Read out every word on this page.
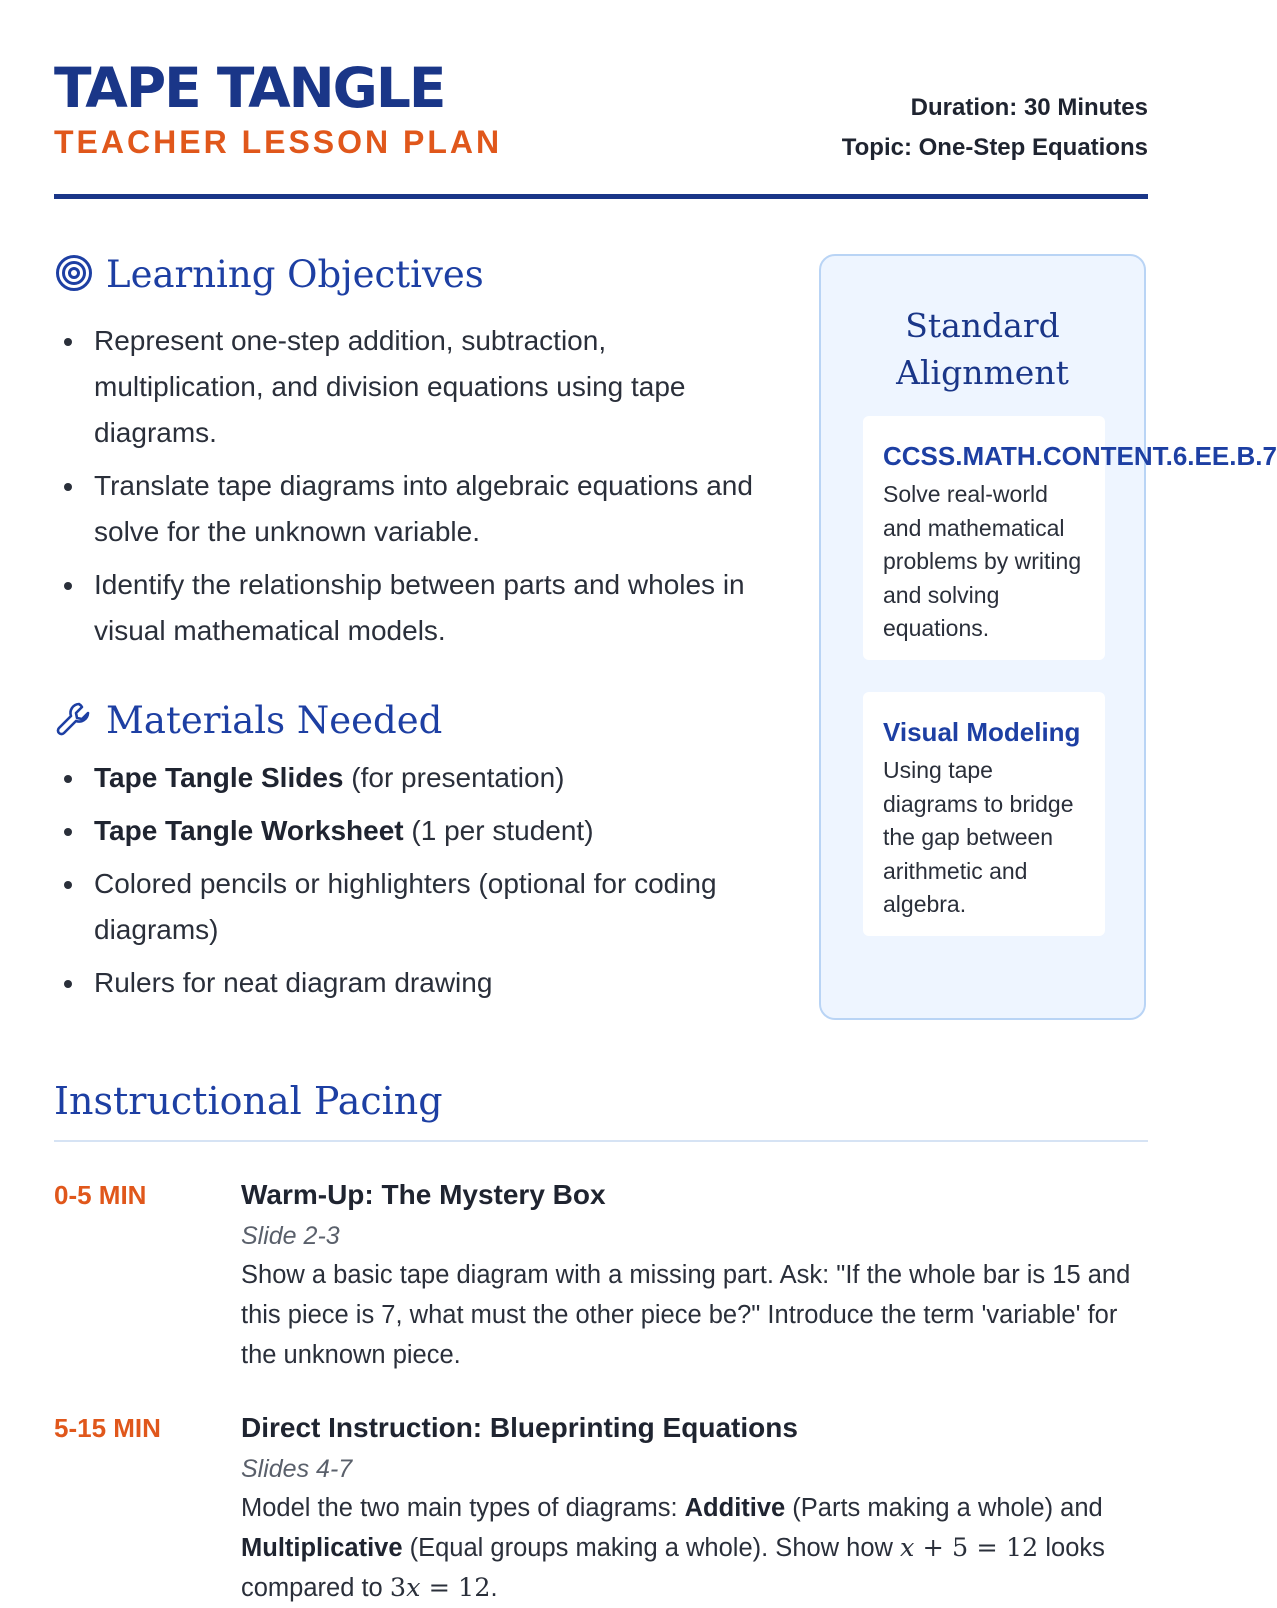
TAPE TANGLE
TEACHER LESSON PLAN
Duration: 30 Minutes
Topic: One-Step Equations
Learning Objectives
Represent one-step addition, subtraction, multiplication, and division equations using tape diagrams.
Translate tape diagrams into algebraic equations and solve for the unknown variable.
Identify the relationship between parts and wholes in visual mathematical models.
Materials Needed
Tape Tangle Slides (for presentation)
Tape Tangle Worksheet (1 per student)
Colored pencils or highlighters (optional for coding diagrams)
Rulers for neat diagram drawing
Standard Alignment
CCSS.MATH.CONTENT.6.EE.B.7
Solve real-world and mathematical problems by writing and solving equations.
Visual Modeling
Using tape diagrams to bridge the gap between arithmetic and algebra.
Instructional Pacing
0-5 MIN	Warm-Up: The Mystery Box
Slide 2-3
Show a basic tape diagram with a missing part. Ask: "If the whole bar is 15 and this piece is 7, what must the other piece be?" Introduce the term 'variable' for the unknown piece.
5-15 MIN	Direct Instruction: Blueprinting Equations
Slides 4-7
Model the two main types of diagrams: Additive (Parts making a whole) and Multiplicative (Equal groups making a whole). Show how x + 5 = 12 looks compared to 3x = 12.
